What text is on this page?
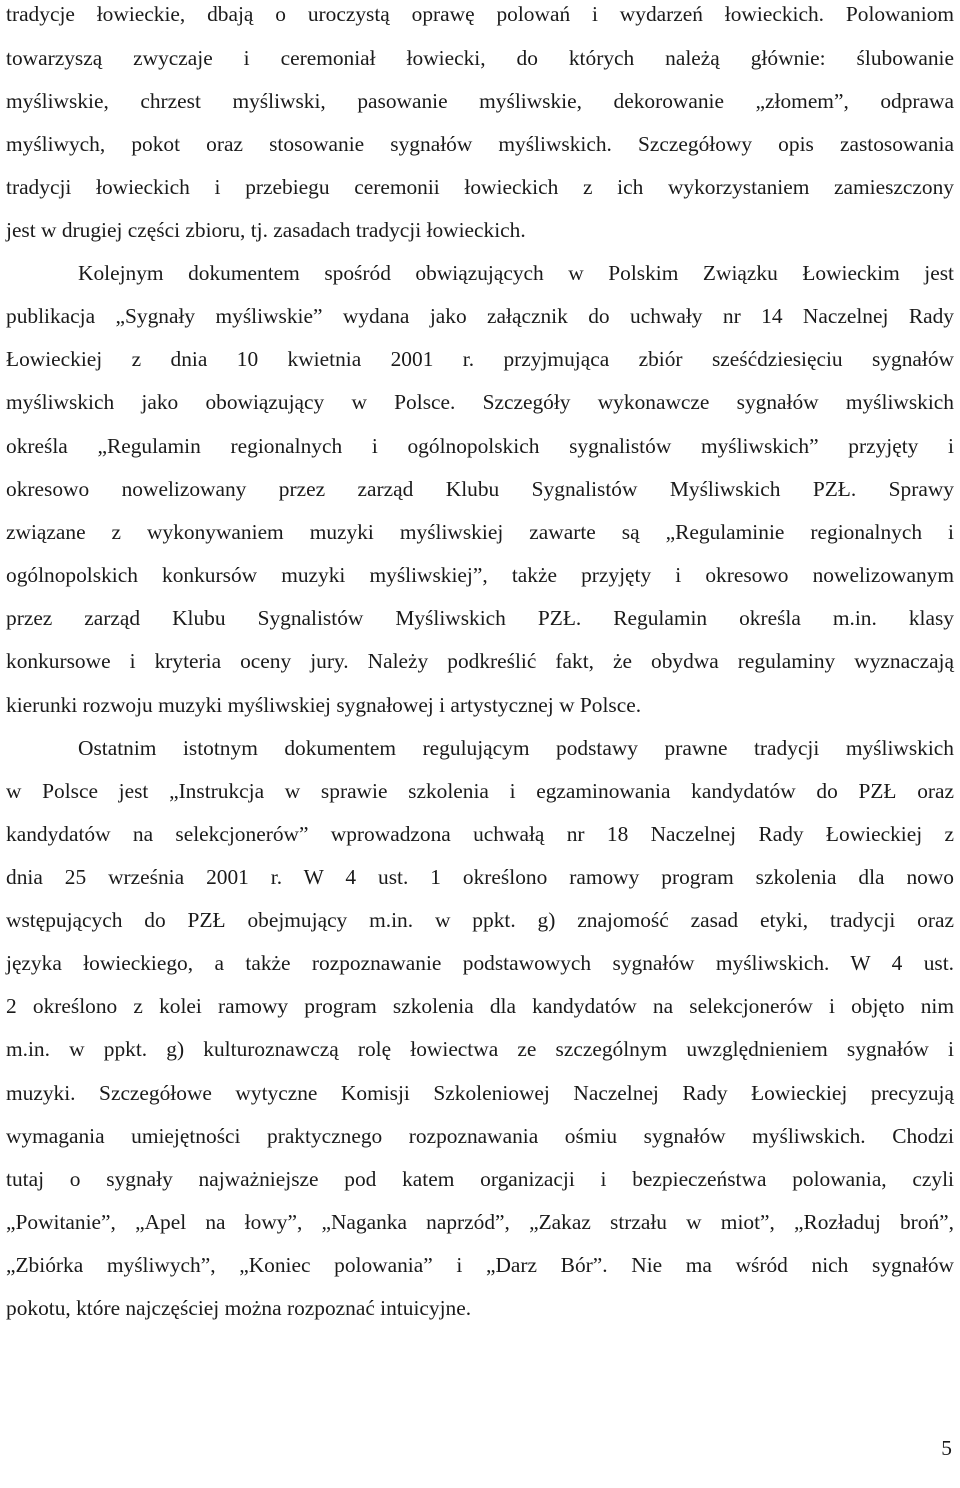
tradycje łowieckie, dbają o uroczystą oprawę polowań i wydarzeń łowieckich. Polowaniom
towarzyszą zwyczaje i ceremoniał łowiecki, do których należą głównie: ślubowanie
myśliwskie, chrzest myśliwski, pasowanie myśliwskie, dekorowanie „złomem”, odprawa
myśliwych, pokot oraz stosowanie sygnałów myśliwskich. Szczegółowy opis zastosowania
tradycji łowieckich i przebiegu ceremonii łowieckich z ich wykorzystaniem zamieszczony
jest w drugiej części zbioru, tj. zasadach tradycji łowieckich.
Kolejnym dokumentem spośród obwiązujących w Polskim Związku Łowieckim jest
publikacja „Sygnały myśliwskie” wydana jako załącznik do uchwały nr 14 Naczelnej Rady
Łowieckiej z dnia 10 kwietnia 2001 r. przyjmująca zbiór sześćdziesięciu sygnałów
myśliwskich jako obowiązujący w Polsce. Szczegóły wykonawcze sygnałów myśliwskich
określa „Regulamin regionalnych i ogólnopolskich sygnalistów myśliwskich” przyjęty i
okresowo nowelizowany przez zarząd Klubu Sygnalistów Myśliwskich PZŁ. Sprawy
związane z wykonywaniem muzyki myśliwskiej zawarte są „Regulaminie regionalnych i
ogólnopolskich konkursów muzyki myśliwskiej”, także przyjęty i okresowo nowelizowanym
przez zarząd Klubu Sygnalistów Myśliwskich PZŁ. Regulamin określa m.in. klasy
konkursowe i kryteria oceny jury. Należy podkreślić fakt, że obydwa regulaminy wyznaczają
kierunki rozwoju muzyki myśliwskiej sygnałowej i artystycznej w Polsce.
Ostatnim istotnym dokumentem regulującym podstawy prawne tradycji myśliwskich
w Polsce jest „Instrukcja w sprawie szkolenia i egzaminowania kandydatów do PZŁ oraz
kandydatów na selekcjonerów” wprowadzona uchwałą nr 18 Naczelnej Rady Łowieckiej z
dnia 25 września 2001 r. W 4 ust. 1 określono ramowy program szkolenia dla nowo
wstępujących do PZŁ obejmujący m.in. w ppkt. g) znajomość zasad etyki, tradycji oraz
języka łowieckiego, a także rozpoznawanie podstawowych sygnałów myśliwskich. W 4 ust.
2 określono z kolei ramowy program szkolenia dla kandydatów na selekcjonerów i objęto nim
m.in. w ppkt. g) kulturoznawczą rolę łowiectwa ze szczególnym uwzględnieniem sygnałów i
muzyki. Szczegółowe wytyczne Komisji Szkoleniowej Naczelnej Rady Łowieckiej precyzują
wymagania umiejętności praktycznego rozpoznawania ośmiu sygnałów myśliwskich. Chodzi
tutaj o sygnały najważniejsze pod katem organizacji i bezpieczeństwa polowania, czyli
„Powitanie”, „Apel na łowy”, „Naganka naprzód”, „Zakaz strzału w miot”, „Rozładuj broń”,
„Zbiórka myśliwych”, „Koniec polowania” i „Darz Bór”. Nie ma wśród nich sygnałów
pokotu, które najczęściej można rozpoznać intuicyjne.
5
